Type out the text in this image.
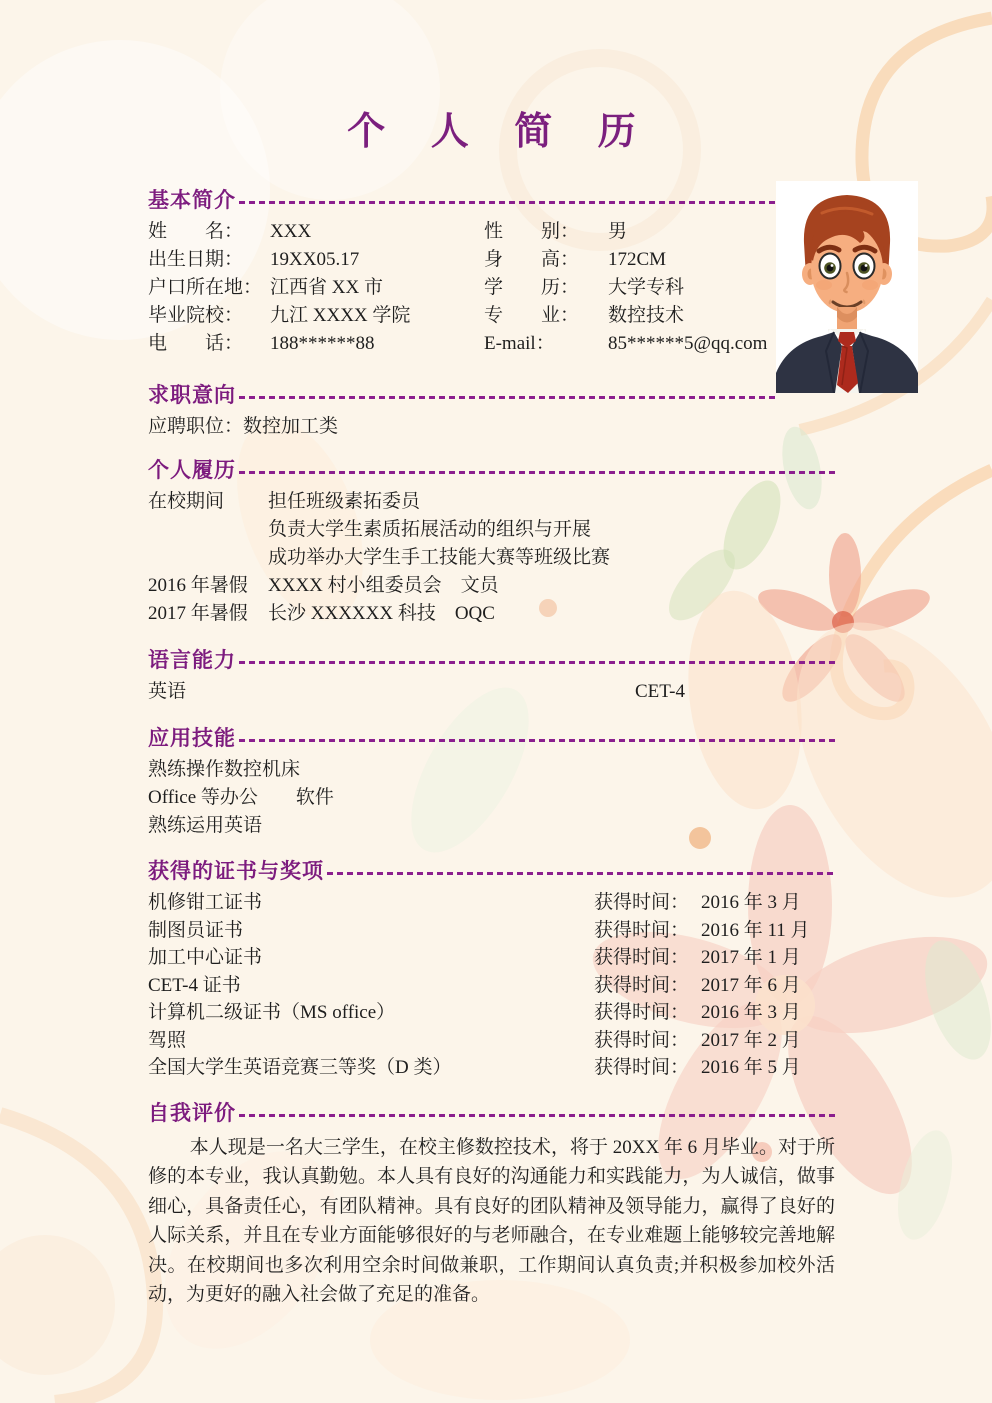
个 人 简 历
基本简介
姓　　名：	XXX	性　　别：	男
出生日期：	19XX05.17	身　　高：	172CM
户口所在地： 江西省 XX 市	学　　历：	大学专科
毕业院校：	九江 XXXX 学院	专　　业：	数控技术
电　　话：	188******88	E-mail：	85******5@qq.com
求职意向
应聘职位：数控加工类
个人履历
在校期间	担任班级素拓委员
负责大学生素质拓展活动的组织与开展
成功举办大学生手工技能大赛等班级比赛
2016 年暑假	XXXX 村小组委员会　文员
2017 年暑假	长沙 XXXXXX 科技　OQC
语言能力
英语	CET-4
应用技能
熟练操作数控机床
Office 等办公　　软件
熟练运用英语
获得的证书与奖项
机修钳工证书	获得时间： 2016 年 3 月
制图员证书	获得时间： 2016 年 11 月
加工中心证书	获得时间： 2017 年 1 月
CET-4 证书	获得时间： 2017 年 6 月
计算机二级证书（MS office）	获得时间： 2016 年 3 月
驾照	获得时间： 2017 年 2 月
全国大学生英语竞赛三等奖（D 类）	获得时间： 2016 年 5 月
自我评价

本人现是一名大三学生，在校主修数控技术，将于 20XX 年 6 月毕业。对于所修的本专业，我认真勤勉。本人具有良好的沟通能力和实践能力，为人诚信，做事细心，具备责任心，有团队精神。具有良好的团队精神及领导能力，赢得了良好的人际关系，并且在专业方面能够很好的与老师融合，在专业难题上能够较完善地解决。在校期间也多次利用空余时间做兼职，工作期间认真负责;并积极参加校外活动，为更好的融入社会做了充足的准备。
